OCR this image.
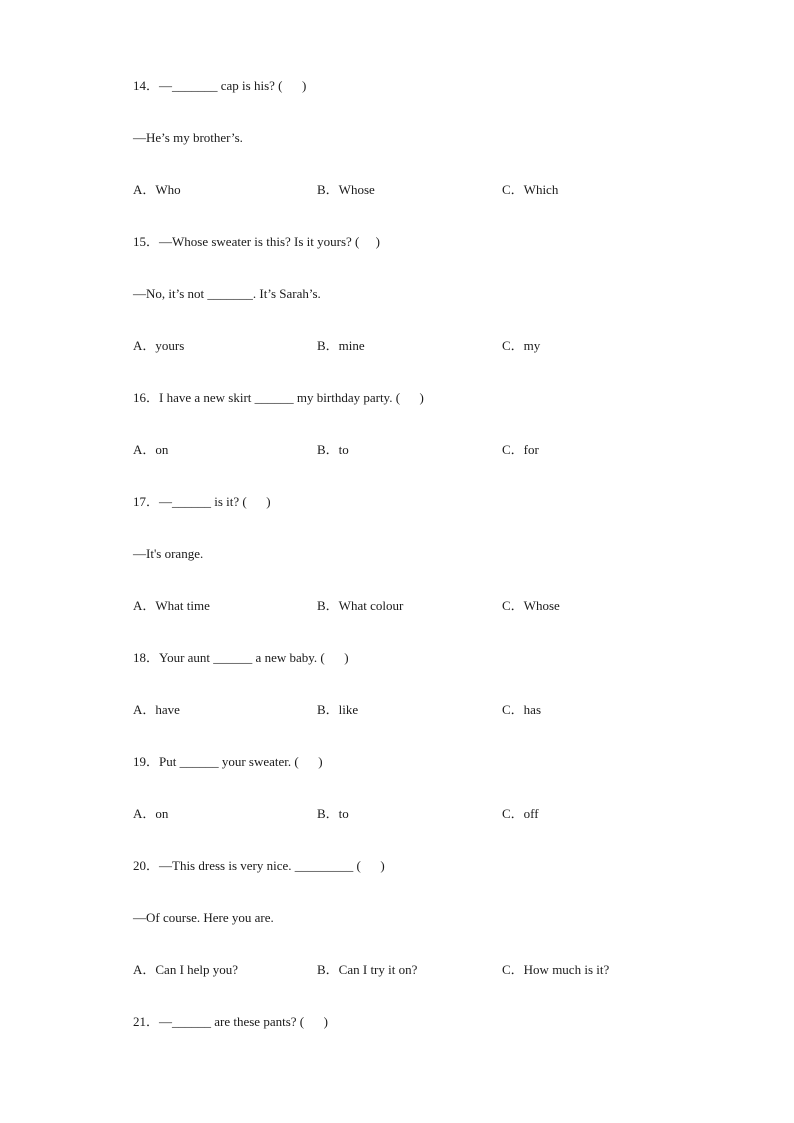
14．—_______ cap is his? (      )
—He’s my brother’s.
A．Who	B．Whose	C．Which
15．—Whose sweater is this? Is it yours? (     )
—No, it’s not _______. It’s Sarah’s.
A．yours	B．mine	C．my
16．I have a new skirt ______ my birthday party. (      )
A．on	B．to	C．for
17．—______ is it? (      )
—It's orange.
A．What time	B．What colour	C．Whose
18．Your aunt ______ a new baby. (      )
A．have	B．like	C．has
19．Put ______ your sweater. (      )
A．on	B．to	C．off
20．—This dress is very nice. _________ (      )
—Of course. Here you are.
A．Can I help you?	B．Can I try it on?	C．How much is it?
21．—______ are these pants? (      )
